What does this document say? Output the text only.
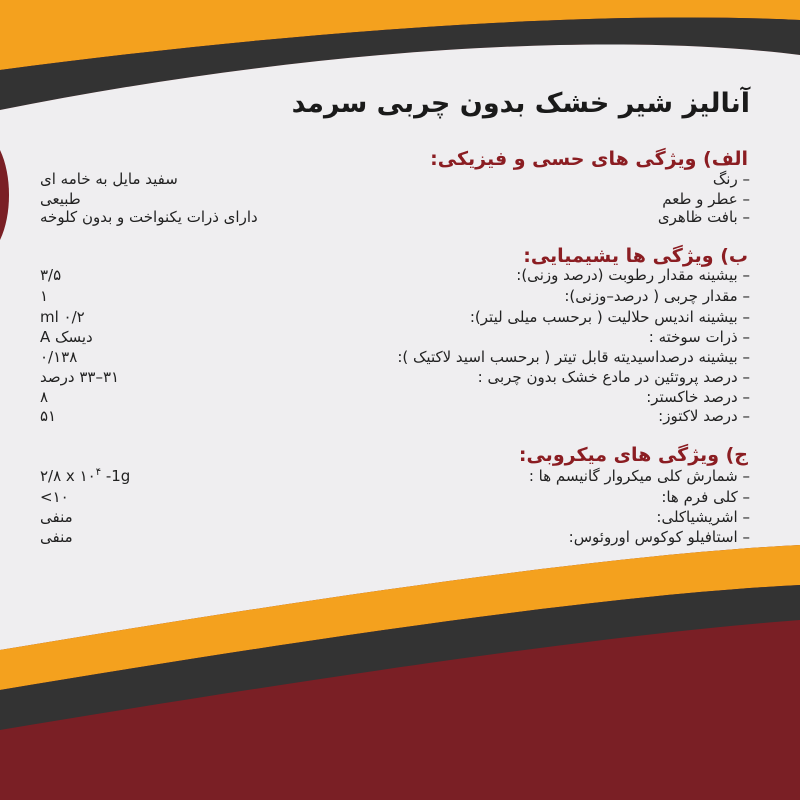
آنالیز شیر خشک بدون چربی سرمد
الف) ویژگی های حسی و فیزیکی:
– رنگ
سفید مایل به خامه ای
– عطر و طعم
طبیعی
– بافت ظاهری
دارای ذرات یکنواخت و بدون کلوخه
ب) ویژگی ها یشیمیایی:
– بیشینه مقدار رطوبت (درصد وزنی):
۳/۵
– مقدار چربی ( درصد–وزنی):
۱
– بیشینه اندیس حلالیت ( برحسب میلی لیتر):
ml ۰/۲
– ذرات سوخته :
دیسک A
– بیشینه درصداسیدیته قابل تیتر ( برحسب اسید لاکتیک ):
۰/۱۳۸
– درصد پروتئین در مادع خشک بدون چربی :
۳۱–۳۳ درصد
– درصد خاکستر:
۸
– درصد لاکتوز:
۵۱
ج) ویژگی های میکروبی:
– شمارش کلی میکروار گانیسم ها :
۲/۸ x $۱۰^۴$ -1g
– کلی فرم ها:
<۱۰
– اشریشیاکلی:
منفی
– استافیلو کوکوس اوروئوس:
منفی
